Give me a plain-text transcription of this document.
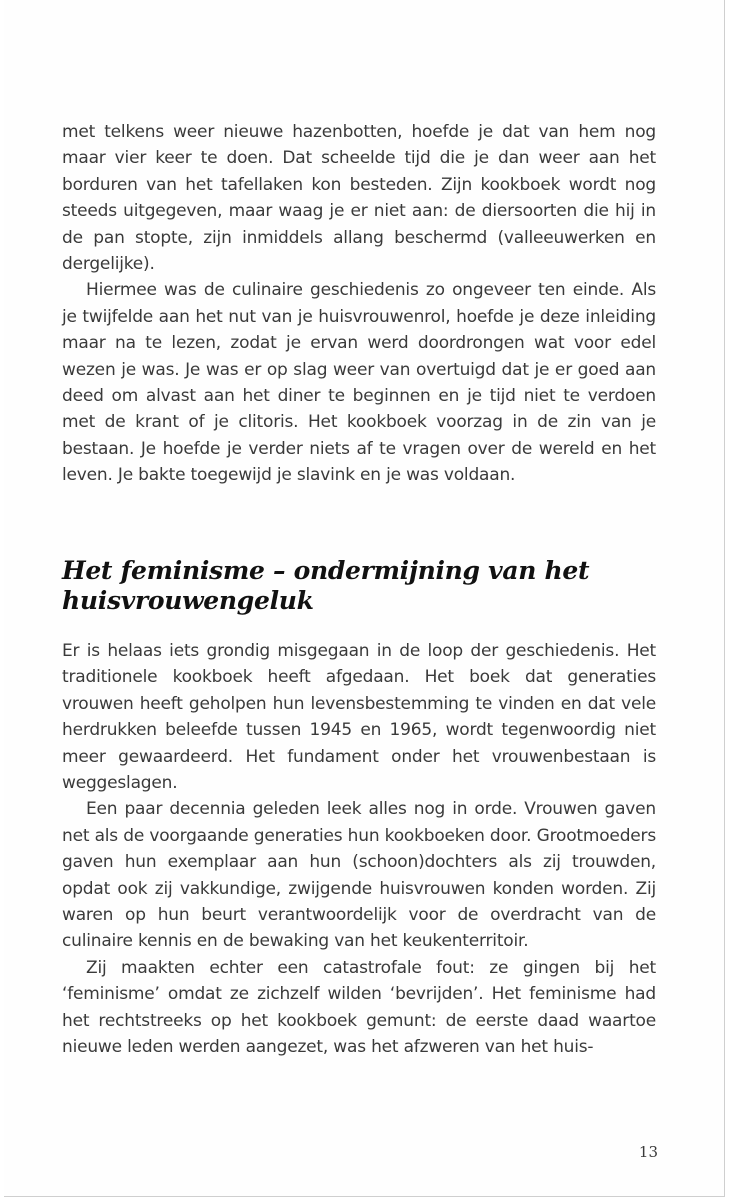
met telkens weer nieuwe hazenbotten, hoefde je dat van hem nog maar vier keer te doen. Dat scheelde tijd die je dan weer aan het borduren van het tafellaken kon besteden. Zijn kookboek wordt nog steeds uitgegeven, maar waag je er niet aan: de diersoorten die hij in de pan stopte, zijn inmiddels allang beschermd (valleeuwerken en dergelijke).

Hiermee was de culinaire geschiedenis zo ongeveer ten einde. Als je twijfelde aan het nut van je huisvrouwenrol, hoefde je deze inleiding maar na te lezen, zodat je ervan werd doordrongen wat voor edel wezen je was. Je was er op slag weer van overtuigd dat je er goed aan deed om alvast aan het diner te beginnen en je tijd niet te verdoen met de krant of je clitoris. Het kookboek voorzag in de zin van je bestaan. Je hoefde je verder niets af te vragen over de wereld en het leven. Je bakte toegewijd je slavink en je was voldaan.

Het feminisme – ondermijning van het huisvrouwengeluk

Er is helaas iets grondig misgegaan in de loop der geschiedenis. Het traditionele kookboek heeft afgedaan. Het boek dat generaties vrouwen heeft geholpen hun levensbestemming te vinden en dat vele herdrukken beleefde tussen 1945 en 1965, wordt tegenwoordig niet meer gewaardeerd. Het fundament onder het vrouwenbestaan is weggeslagen.

Een paar decennia geleden leek alles nog in orde. Vrouwen gaven net als de voorgaande generaties hun kookboeken door. Grootmoeders gaven hun exemplaar aan hun (schoon)dochters als zij trouwden, opdat ook zij vakkundige, zwijgende huisvrouwen konden worden. Zij waren op hun beurt verantwoordelijk voor de overdracht van de culinaire kennis en de bewaking van het keukenterritoir.

Zij maakten echter een catastrofale fout: ze gingen bij het ‘feminisme’ omdat ze zichzelf wilden ‘bevrijden’. Het feminisme had het rechtstreeks op het kookboek gemunt: de eerste daad waartoe nieuwe leden werden aangezet, was het afzweren van het huis-

13
